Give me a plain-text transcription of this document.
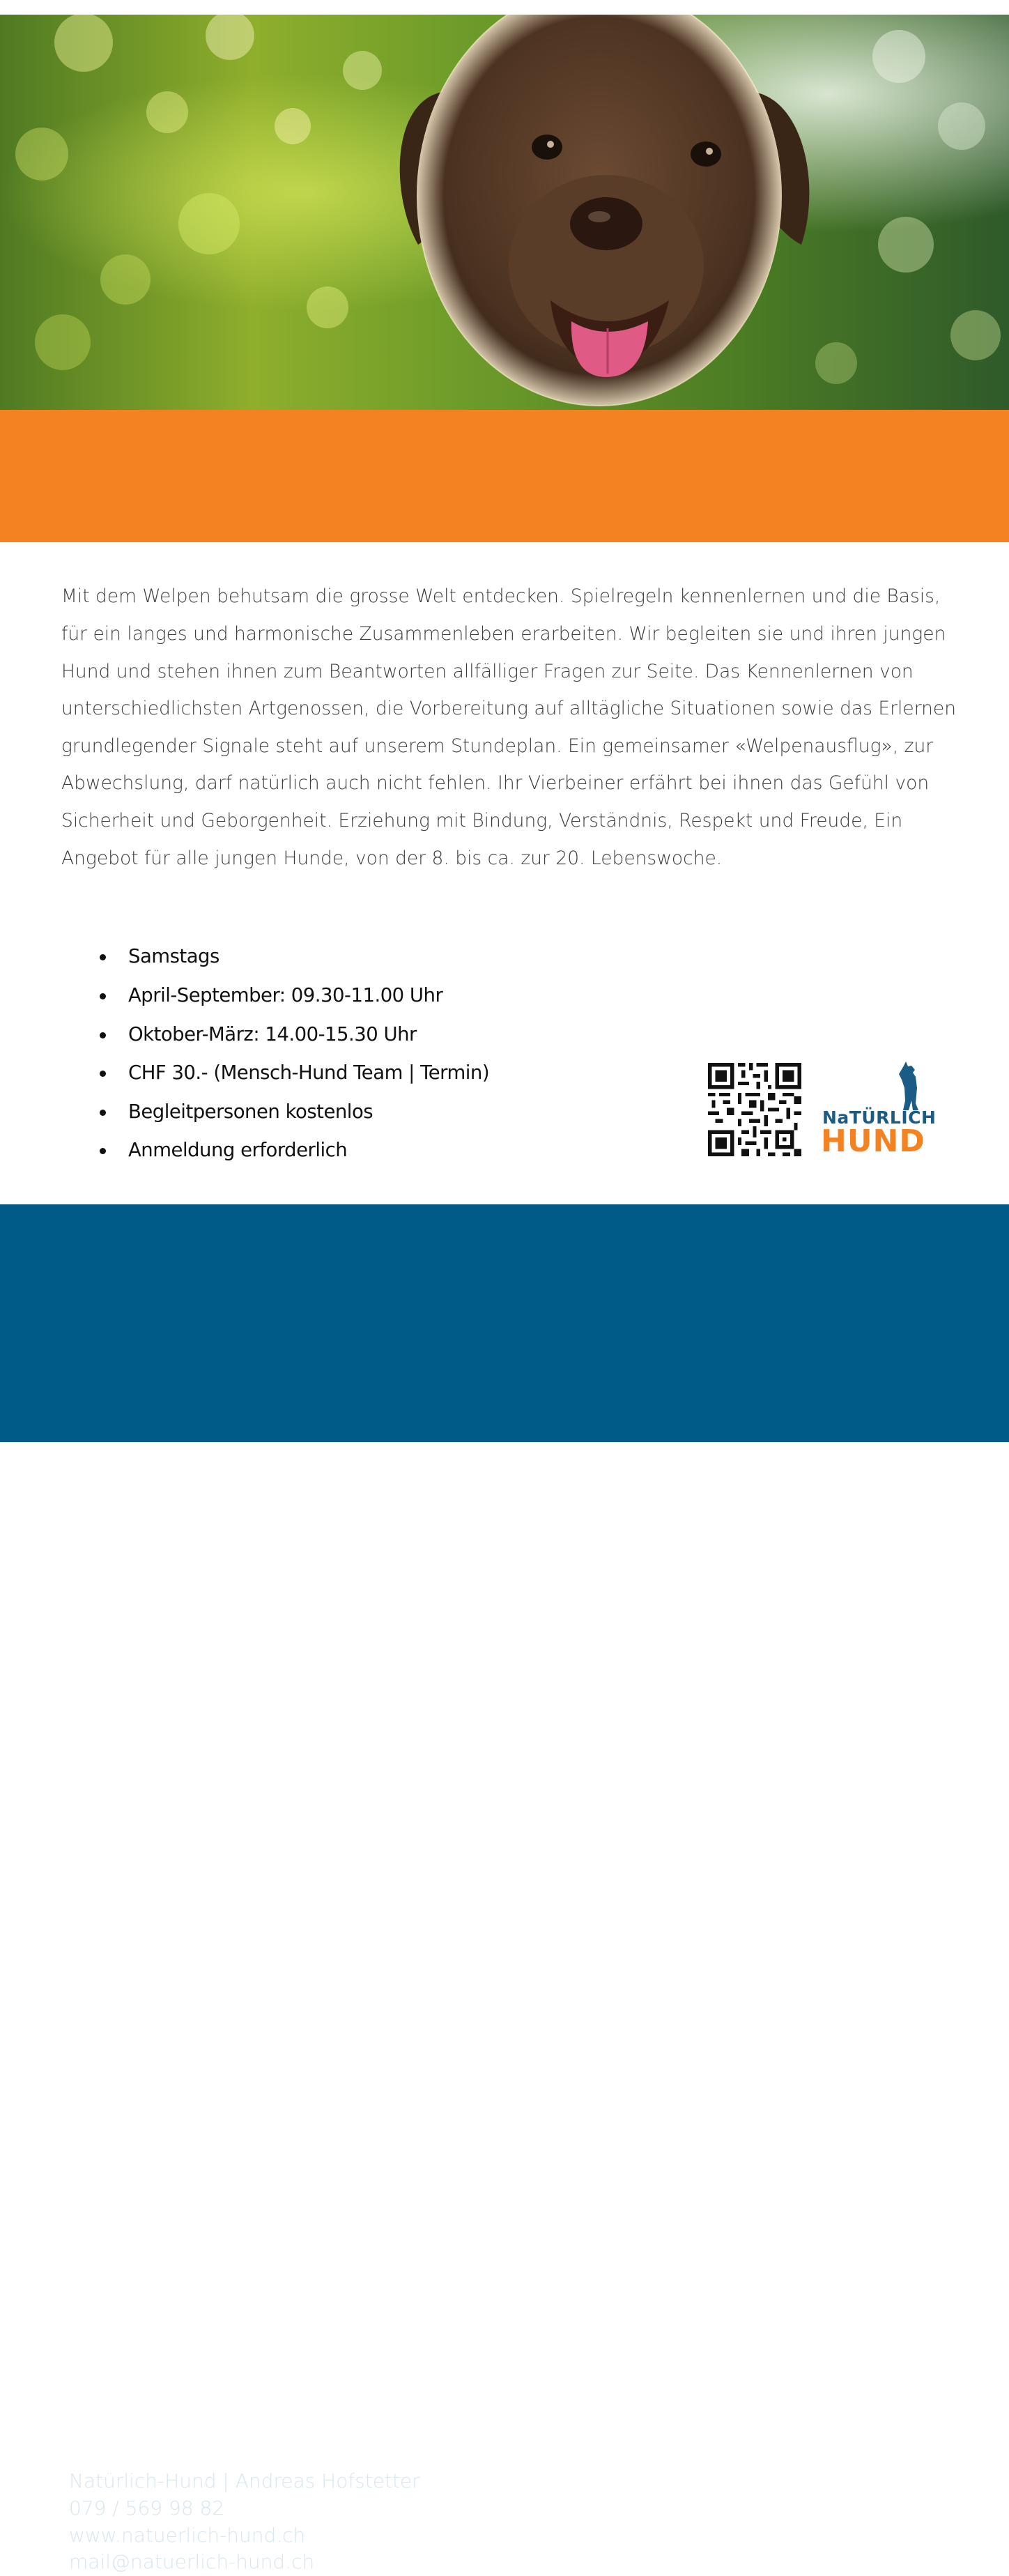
Mit dem Welpen behutsam die grosse Welt entdecken. Spielregeln kennenlernen und die Basis, für ein langes und harmonische Zusammenleben erarbeiten. Wir begleiten sie und ihren jungen Hund und stehen ihnen zum Beantworten allfälliger Fragen zur Seite. Das Kennenlernen von unterschiedlichsten Artgenossen, die Vorbereitung auf alltägliche Situationen sowie das Erlernen grundlegender Signale steht auf unserem Stundeplan. Ein gemeinsamer «Welpenausflug», zur Abwechslung, darf natürlich auch nicht fehlen. Ihr Vierbeiner erfährt bei ihnen das Gefühl von Sicherheit und Geborgenheit. Erziehung mit Bindung, Verständnis, Respekt und Freude, Ein Angebot für alle jungen Hunde, von der 8. bis ca. zur 20. Lebenswoche.

Samstags
April-September: 09.30-11.00 Uhr
Oktober-März: 14.00-15.30 Uhr
CHF 30.- (Mensch-Hund Team | Termin)
Begleitpersonen kostenlos
Anmeldung erforderlich
NaTÜRLICH
HUND
Kontakt:
Natürlich-Hund | Andreas Hofstetter
079 / 569 98 82
www.natuerlich-hund.ch
mail@natuerlich-hund.ch
